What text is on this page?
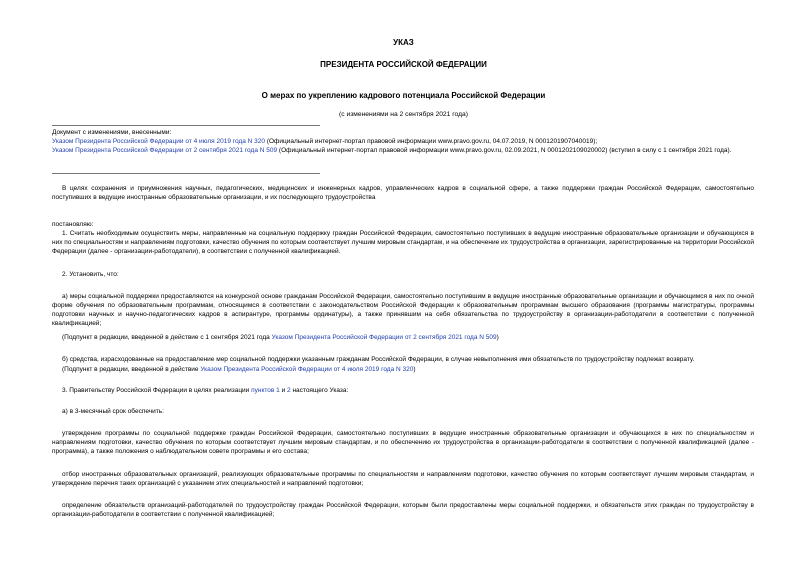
УКАЗ

ПРЕЗИДЕНТА РОССИЙСКОЙ ФЕДЕРАЦИИ

О мерах по укреплению кадрового потенциала Российской Федерации

(с изменениями на 2 сентября 2021 года)

Документ с изменениями, внесенными:

Указом Президента Российской Федерации от 4 июля 2019 года N 320 (Официальный интернет-портал правовой информации www.pravo.gov.ru, 04.07.2019, N 0001201907040019);

Указом Президента Российской Федерации от 2 сентября 2021 года N 509 (Официальный интернет-портал правовой информации www.pravo.gov.ru, 02.09.2021, N 0001202109020002) (вступил в силу с 1 сентября 2021 года).

В целях сохранения и приумножения научных, педагогических, медицинских и инженерных кадров, управленческих кадров в социальной сфере, а также поддержки граждан Российской Федерации, самостоятельно поступивших в ведущие иностранные образовательные организации, и их последующего трудоустройства

постановляю:

1. Считать необходимым осуществить меры, направленные на социальную поддержку граждан Российской Федерации, самостоятельно поступивших в ведущие иностранные образовательные организации и обучающихся в них по специальностям и направлениям подготовки, качество обучения по которым соответствует лучшим мировым стандартам, и на обеспечение их трудоустройства в организации, зарегистрированные на территории Российской Федерации (далее - организации-работодатели), в соответствии с полученной квалификацией.

2. Установить, что:

а) меры социальной поддержки предоставляются на конкурсной основе гражданам Российской Федерации, самостоятельно поступившим в ведущие иностранные образовательные организации и обучающимся в них по очной форме обучения по образовательным программам, относящимся в соответствии с законодательством Российской Федерации к образовательным программам высшего образования (программы магистратуры, программы подготовки научных и научно-педагогических кадров в аспирантуре, программы ординатуры), а также принявшим на себя обязательства по трудоустройству в организации-работодатели в соответствии с полученной квалификацией;

(Подпункт в редакции, введенной в действие с 1 сентября 2021 года Указом Президента Российской Федерации от 2 сентября 2021 года N 509)

б) средства, израсходованные на предоставление мер социальной поддержки указанным гражданам Российской Федерации, в случае невыполнения ими обязательств по трудоустройству подлежат возврату.

(Подпункт в редакции, введенной в действие Указом Президента Российской Федерации от 4 июля 2019 года N 320)

3. Правительству Российской Федерации в целях реализации пунктов 1 и 2 настоящего Указа:

а) в 3-месячный срок обеспечить:

утверждение программы по социальной поддержке граждан Российской Федерации, самостоятельно поступивших в ведущие иностранные образовательные организации и обучающихся в них по специальностям и направлениям подготовки, качество обучения по которым соответствует лучшим мировым стандартам, и по обеспечению их трудоустройства в организации-работодатели в соответствии с полученной квалификацией (далее - программа), а также положения о наблюдательном совете программы и его состава;

отбор иностранных образовательных организаций, реализующих образовательные программы по специальностям и направлениям подготовки, качество обучения по которым соответствует лучшим мировым стандартам, и утверждение перечня таких организаций с указанием этих специальностей и направлений подготовки;

определение обязательств организаций-работодателей по трудоустройству граждан Российской Федерации, которым были предоставлены меры социальной поддержки, и обязательств этих граждан по трудоустройству в организации-работодатели в соответствии с полученной квалификацией;
